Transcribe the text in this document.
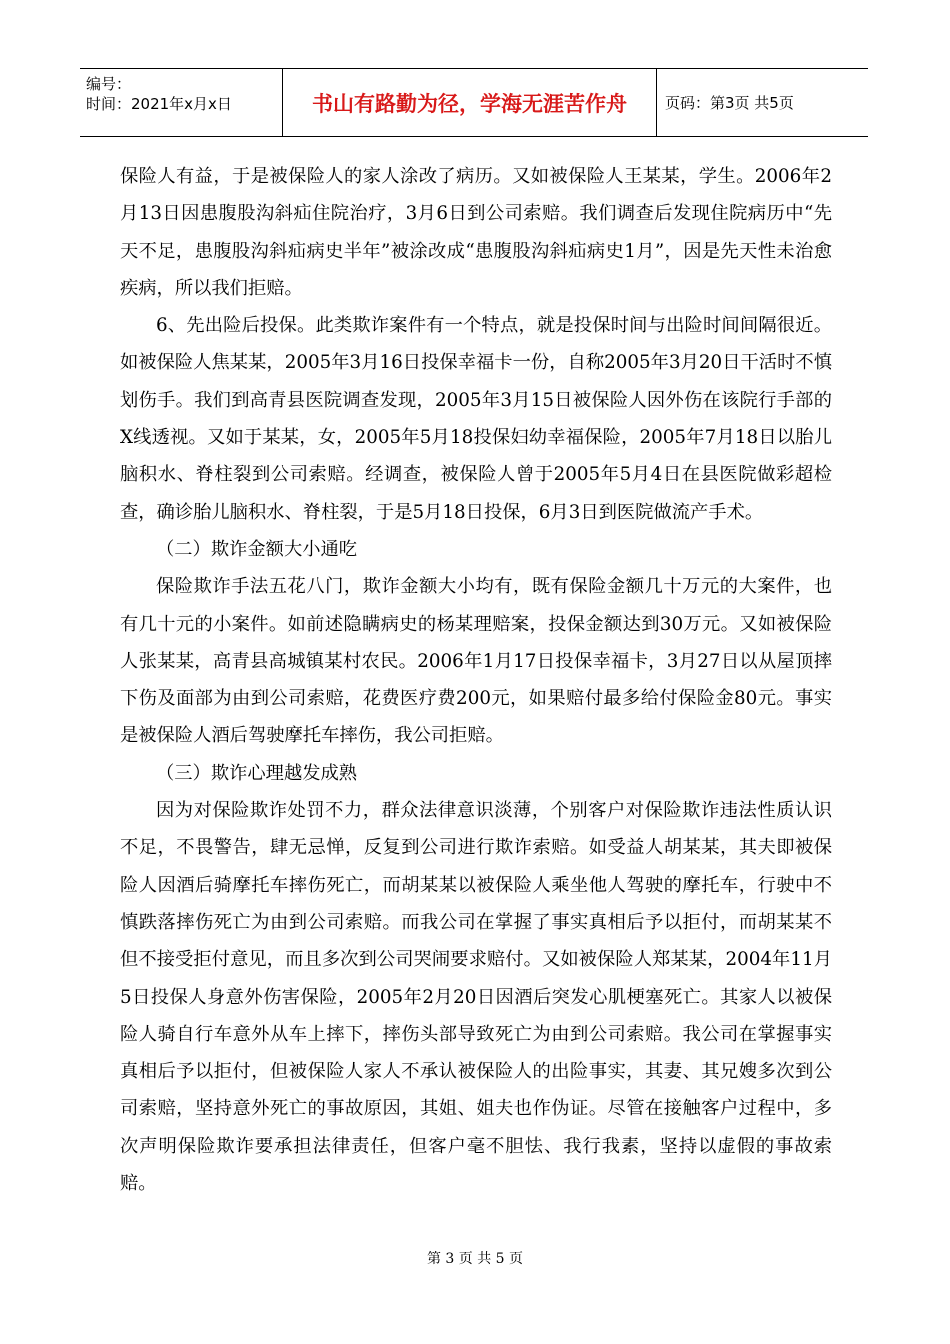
编号：
时间：2021年x月x日	书山有路勤为径，学海无涯苦作舟	页码：第3页 共5页

保险人有益，于是被保险人的家人涂改了病历。又如被保险人王某某，学生。2006年2月13日因患腹股沟斜疝住院治疗，3月6日到公司索赔。我们调查后发现住院病历中“先天不足，患腹股沟斜疝病史半年”被涂改成“患腹股沟斜疝病史1月”，因是先天性未治愈疾病，所以我们拒赔。

6、先出险后投保。此类欺诈案件有一个特点，就是投保时间与出险时间间隔很近。如被保险人焦某某，2005年3月16日投保幸福卡一份，自称2005年3月20日干活时不慎划伤手。我们到高青县医院调查发现，2005年3月15日被保险人因外伤在该院行手部的X线透视。又如于某某，女，2005年5月18投保妇幼幸福保险，2005年7月18日以胎儿脑积水、脊柱裂到公司索赔。经调查，被保险人曾于2005年5月4日在县医院做彩超检查，确诊胎儿脑积水、脊柱裂，于是5月18日投保，6月3日到医院做流产手术。

（二）欺诈金额大小通吃

保险欺诈手法五花八门，欺诈金额大小均有，既有保险金额几十万元的大案件，也有几十元的小案件。如前述隐瞒病史的杨某理赔案，投保金额达到30万元。又如被保险人张某某，高青县高城镇某村农民。2006年1月17日投保幸福卡，3月27日以从屋顶摔下伤及面部为由到公司索赔，花费医疗费200元，如果赔付最多给付保险金80元。事实是被保险人酒后驾驶摩托车摔伤，我公司拒赔。

（三）欺诈心理越发成熟

因为对保险欺诈处罚不力，群众法律意识淡薄，个别客户对保险欺诈违法性质认识不足，不畏警告，肆无忌惮，反复到公司进行欺诈索赔。如受益人胡某某，其夫即被保险人因酒后骑摩托车摔伤死亡，而胡某某以被保险人乘坐他人驾驶的摩托车，行驶中不慎跌落摔伤死亡为由到公司索赔。而我公司在掌握了事实真相后予以拒付，而胡某某不但不接受拒付意见，而且多次到公司哭闹要求赔付。又如被保险人郑某某，2004年11月5日投保人身意外伤害保险，2005年2月20日因酒后突发心肌梗塞死亡。其家人以被保险人骑自行车意外从车上摔下，摔伤头部导致死亡为由到公司索赔。我公司在掌握事实真相后予以拒付，但被保险人家人不承认被保险人的出险事实，其妻、其兄嫂多次到公司索赔，坚持意外死亡的事故原因，其姐、姐夫也作伪证。尽管在接触客户过程中，多次声明保险欺诈要承担法律责任，但客户毫不胆怯、我行我素，坚持以虚假的事故索赔。

第 3 页 共 5 页
